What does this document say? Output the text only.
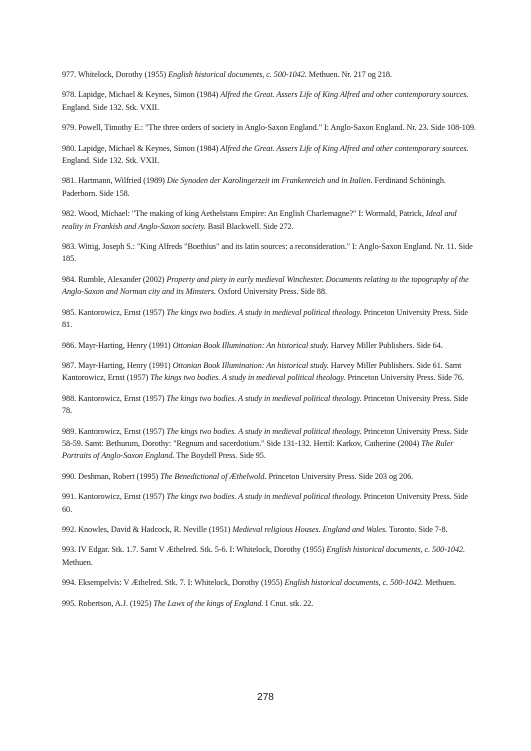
977. Whitelock, Dorothy (1955) English historical documents, c. 500-1042. Methuen. Nr. 217 og 218.

978. Lapidge, Michael & Keynes, Simon (1984) Alfred the Great. Assers Life of King Alfred and other contemporary sources. England. Side 132. Stk. VXII.

979. Powell, Timothy E.: "The three orders of society in Anglo-Saxon England." I: Anglo-Saxon England. Nr. 23. Side 108-109.

980. Lapidge, Michael & Keynes, Simon (1984) Alfred the Great. Assers Life of King Alfred and other contemporary sources. England. Side 132. Stk. VXII.

981. Hartmann, Wilfried (1989) Die Synoden der Karolingerzeit im Frankenreich und in Italien. Ferdinand Schöningh. Paderborn. Side 158.

982. Wood, Michael: "The making of king Aethelstans Empire: An English Charlemagne?" I: Wormald, Patrick, Ideal and reality in Frankish and Anglo-Saxon society. Basil Blackwell. Side 272.

983. Wittig, Joseph S.: "King Alfreds "Boethius" and its latin sources: a reconsideration." I: Anglo-Saxon England. Nr. 11. Side 185.

984. Rumble, Alexander (2002) Property and piety in early medieval Winchester. Documents relating to the topography of the Anglo-Saxon and Norman city and its Minsters. Oxford University Press. Side 88.

985. Kantorowicz, Ernst (1957) The kings two bodies. A study in medieval political theology. Princeton University Press. Side 81.

986. Mayr-Harting, Henry (1991) Ottonian Book Illumination: An historical study. Harvey Miller Publishers. Side 64.

987. Mayr-Harting, Henry (1991) Ottonian Book Illumination: An historical study. Harvey Miller Publishers. Side 61. Samt Kantorowicz, Ernst (1957) The kings two bodies. A study in medieval political theology. Princeton University Press. Side 76.

988. Kantorowicz, Ernst (1957) The kings two bodies. A study in medieval political theology. Princeton University Press. Side 78.

989. Kantorowicz, Ernst (1957) The kings two bodies. A study in medieval political theology. Princeton University Press. Side 58-59. Samt: Bethurum, Dorothy: "Regnum and sacerdotium." Side 131-132. Hertil: Karkov, Catherine (2004) The Ruler Portraits of Anglo-Saxon England. The Boydell Press. Side 95.

990. Deshman, Robert (1995) The Benedictional of Æthelwold. Princeton University Press. Side 203 og 206.

991. Kantorowicz, Ernst (1957) The kings two bodies. A study in medieval political theology. Princeton University Press. Side 60.

992. Knowles, David & Hadcock, R. Neville (1951) Medieval religious Houses. England and Wales. Toronto. Side 7-8.

993. IV Edgar. Stk. 1.7. Samt V Æthelred. Stk. 5-6. I: Whitelock, Dorothy (1955) English historical documents, c. 500-1042. Methuen.

994. Eksempelvis: V Æthelred. Stk. 7. I: Whitelock, Dorothy (1955) English historical documents, c. 500-1042. Methuen.

995. Robertson, A.J. (1925) The Laws of the kings of England. I Cnut. stk. 22.

278
